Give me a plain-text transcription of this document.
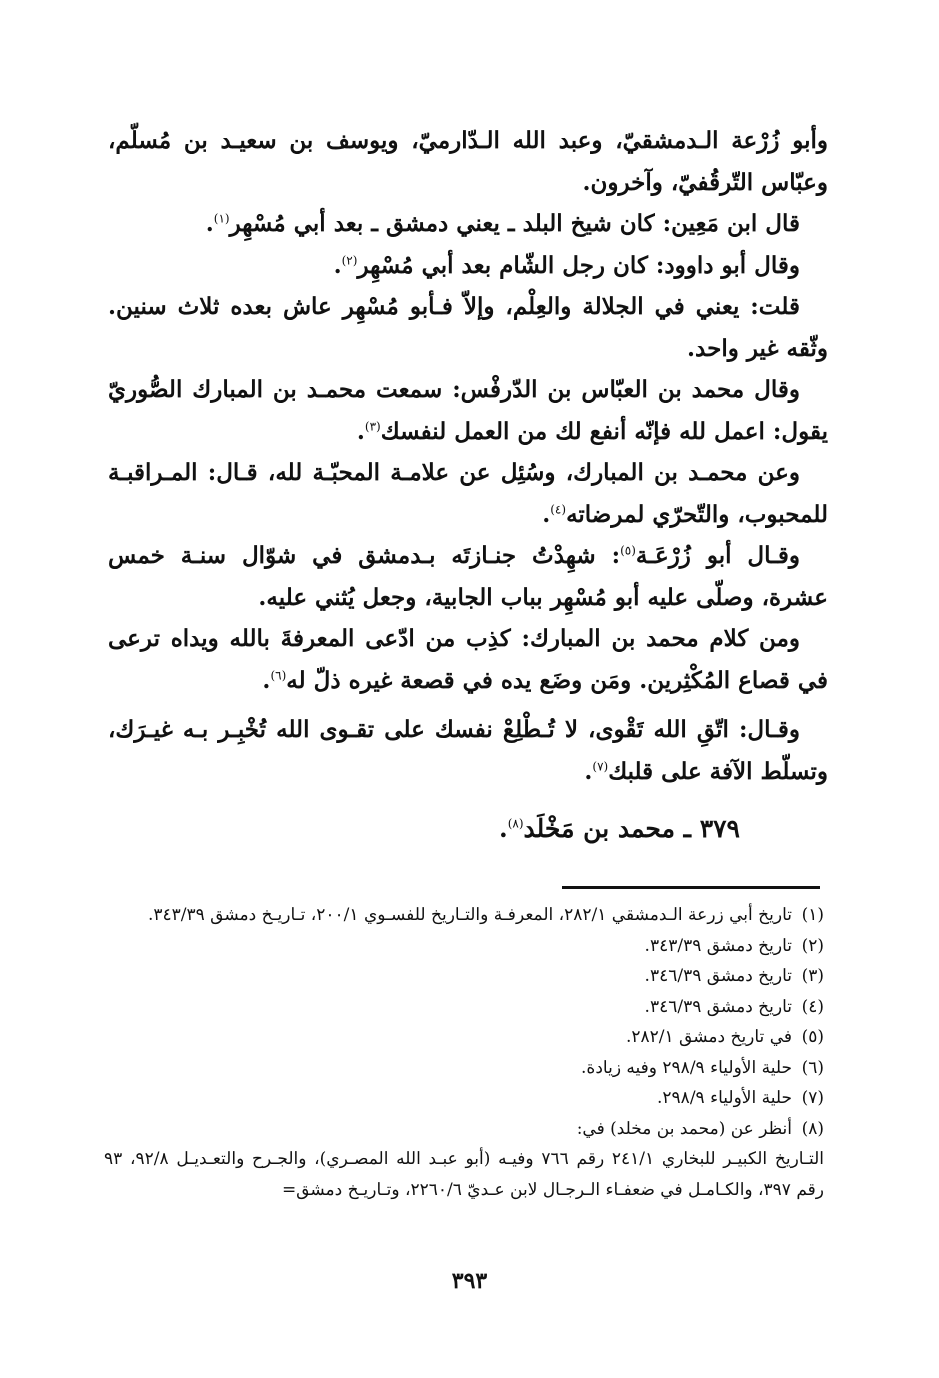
وأبو زُرْعة الـدمشقيّ، وعبد الله الـدّارميّ، ويوسف بن سعيـد بن مُسلّم، وعبّاس التّرقُفيّ، وآخرون.

قال ابن مَعِين: كان شيخ البلد ـ يعني دمشق ـ بعد أبي مُسْهِر$^{(١)}$.

وقال أبو داوود: كان رجل الشّام بعد أبي مُسْهِر$^{(٢)}$.

قلت: يعني في الجلالة والعِلْم، وإلاّ فـأبو مُسْهِر عاش بعده ثلاث سنين. وثّقه غير واحد.

وقال محمد بن العبّاس بن الدّرفْس: سمعت محمـد بن المبارك الصُّوريّ يقول: اعمل لله فإنّه أنفع لك من العمل لنفسك$^{(٣)}$.

وعن محمـد بن المبارك، وسُئِل عن علامـة المحبّـة لله، قـال: المـراقبـة للمحبوب، والتّحرّي لمرضاته$^{(٤)}$.

وقـال أبو زُرْعَـة$^{(٥)}$: شهِدْتُ جنـازتَه بـدمشق في شوّال سنـة خمس عشرة، وصلّى عليه أبو مُسْهِر بباب الجابية، وجعل يُثني عليه.

ومن كلام محمد بن المبارك: كذِب من ادّعى المعرفةَ بالله ويداه ترعى في قصاع المُكْثِرين. ومَن وضَع يده في قصعة غيره ذلّ له$^{(٦)}$.

وقـال: اتّقِ الله تَقْوى، لا تُـطْلِعْ نفسك على تقـوى الله تُخْبِـر بـه غيـرَك، وتسلّط الآفة على قلبك$^{(٧)}$.

٣٧٩ ـ محمد بن مَخْلَد$^{(٨)}$.

(١)
تاريخ أبي زرعة الـدمشقي ٢٨٢/١، المعرفـة والتـاريخ للفسـوي ٢٠٠/١، تـاريـخ دمشق ٣٤٣/٣٩.
(٢)
تاريخ دمشق ٣٤٣/٣٩.
(٣)
تاريخ دمشق ٣٤٦/٣٩.
(٤)
تاريخ دمشق ٣٤٦/٣٩.
(٥)
في تاريخ دمشق ٢٨٢/١.
(٦)
حلية الأولياء ٢٩٨/٩ وفيه زيادة.
(٧)
حلية الأولياء ٢٩٨/٩.
(٨)
أنظر عن (محمد بن مخلد) في:
التـاريخ الكبيـر للبخاري ٢٤١/١ رقم ٧٦٦ وفيـه (أبو عبـد الله المصـري)، والجـرح والتعـديـل ٩٢/٨، ٩٣ رقم ٣٩٧، والكـامـل في ضعفـاء الـرجـال لابن عـديّ ٢٢٦٠/٦، وتـاريـخ دمشق=
٣٩٣
